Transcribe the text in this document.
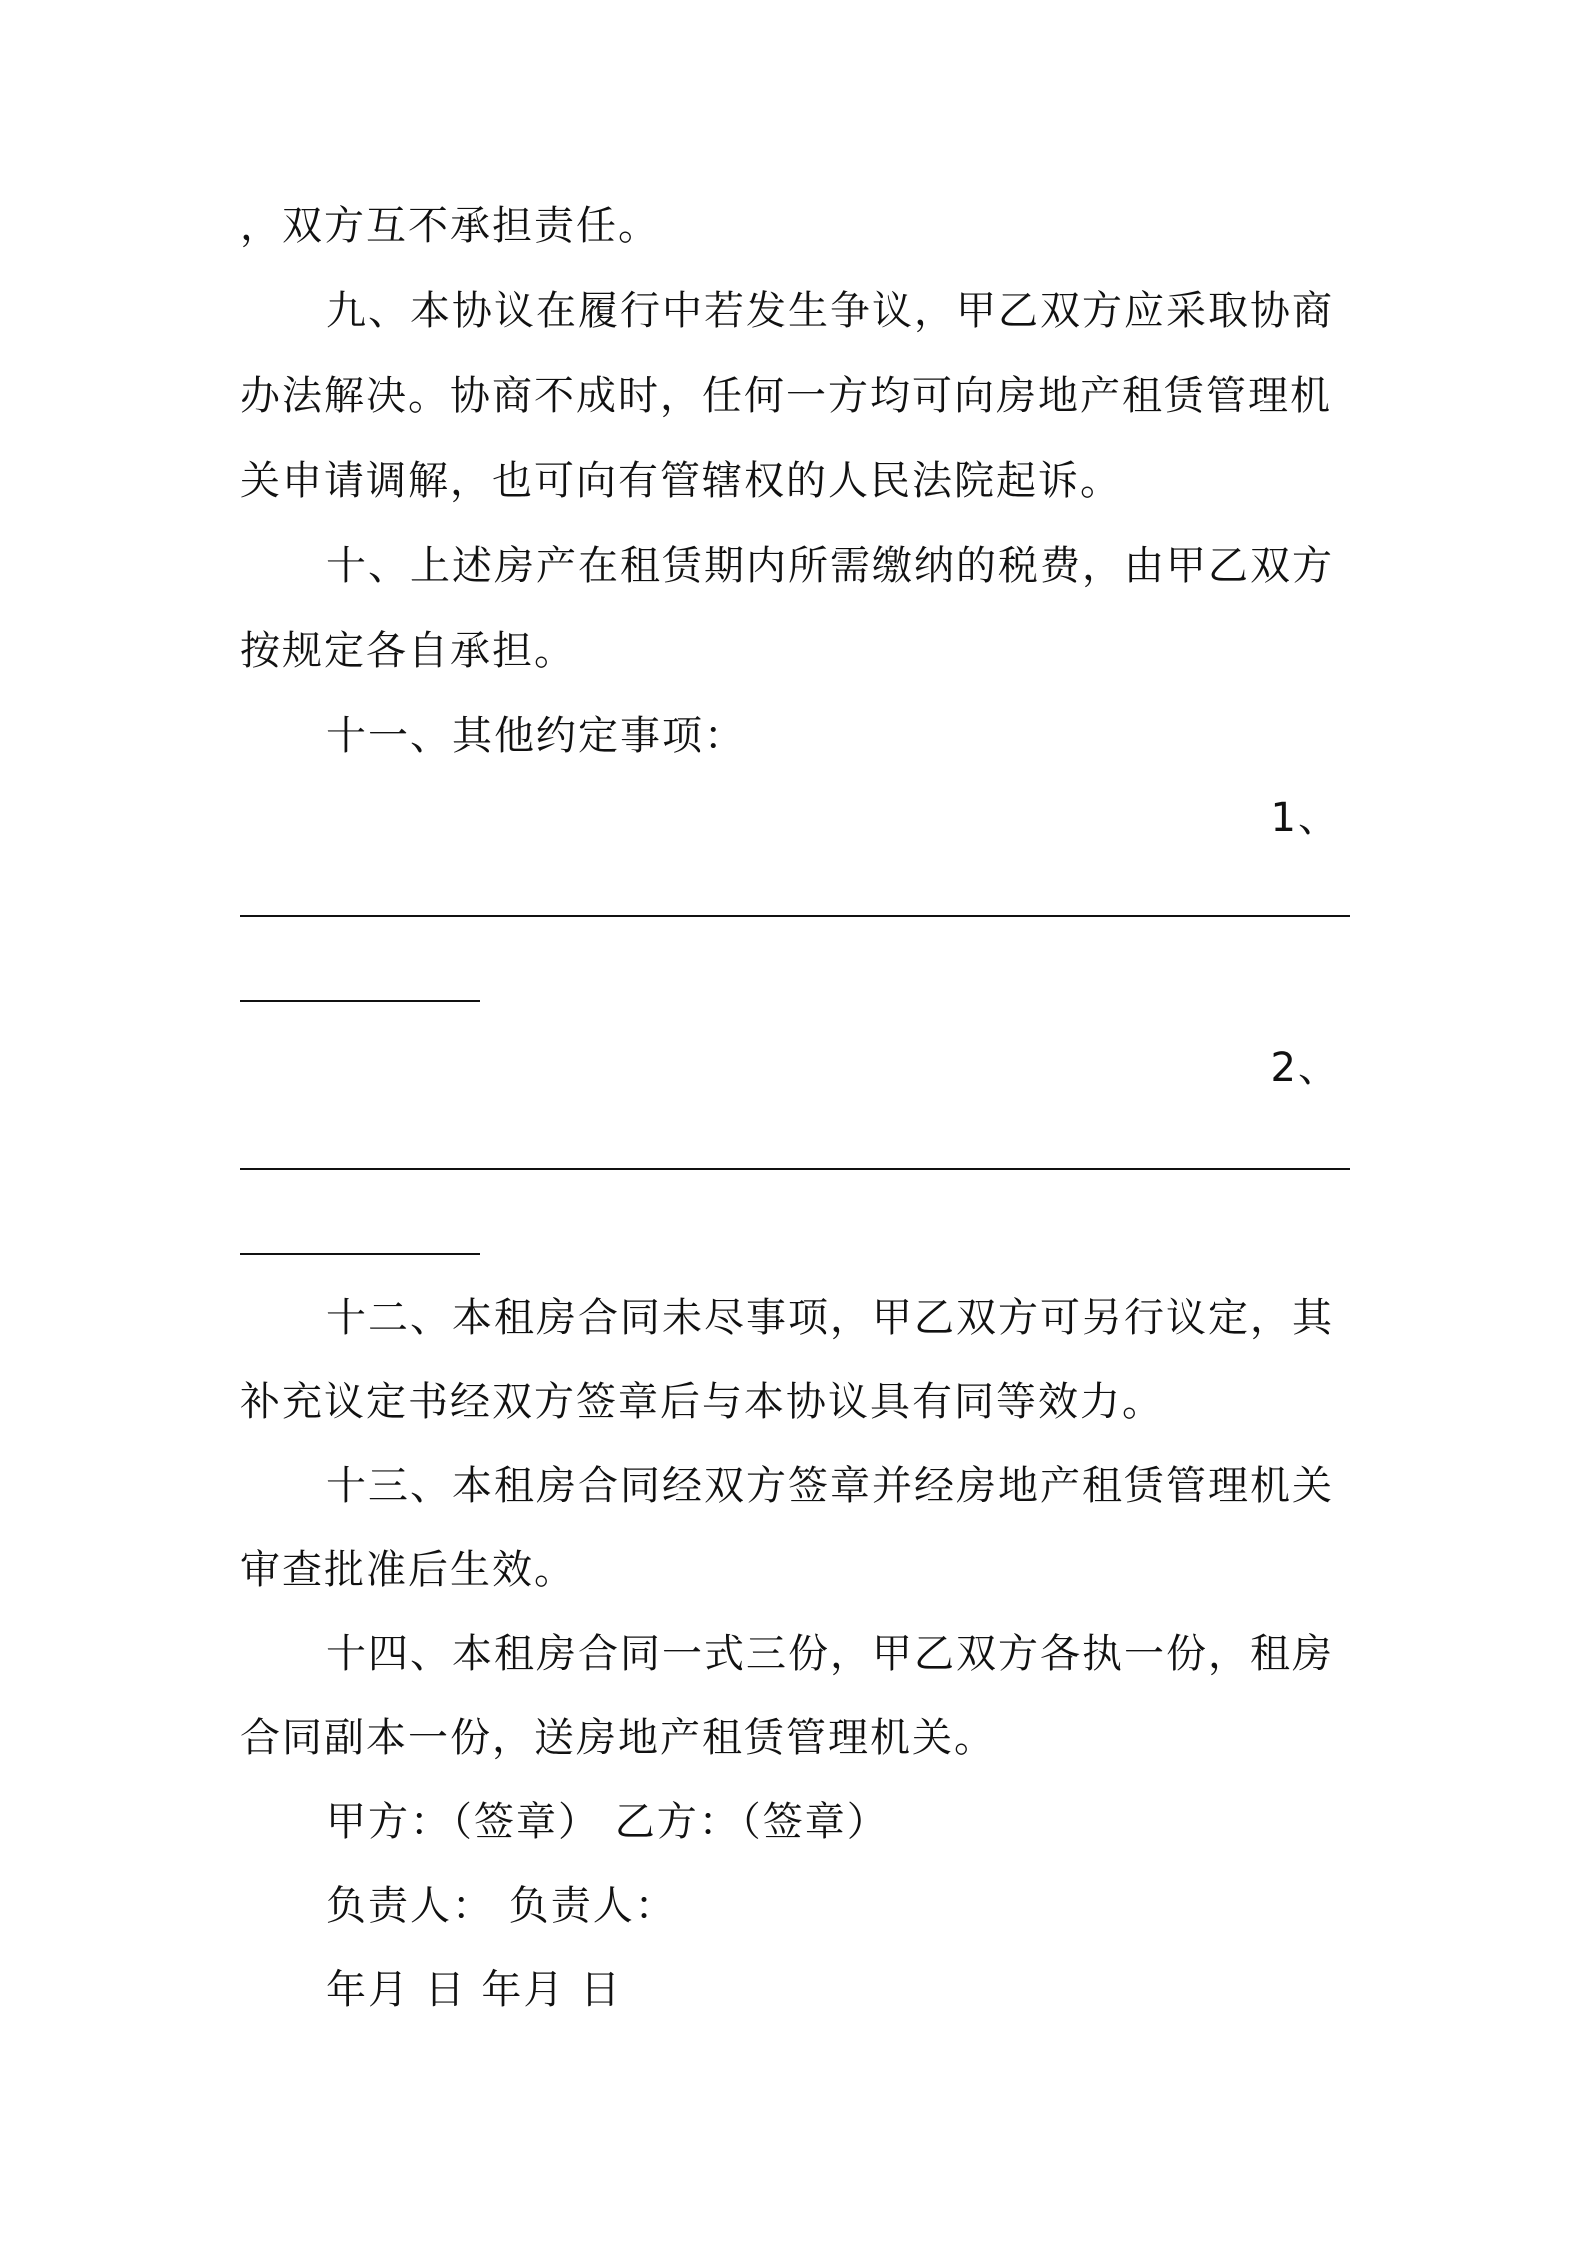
，双方互不承担责任。
九、本协议在履行中若发生争议，甲乙双方应采取协商
办法解决。协商不成时，任何一方均可向房地产租赁管理机
关申请调解，也可向有管辖权的人民法院起诉。
十、上述房产在租赁期内所需缴纳的税费，由甲乙双方
按规定各自承担。
十一、其他约定事项：
1、
2、
十二、本租房合同未尽事项，甲乙双方可另行议定，其
补充议定书经双方签章后与本协议具有同等效力。
十三、本租房合同经双方签章并经房地产租赁管理机关
审查批准后生效。
十四、本租房合同一式三份，甲乙双方各执一份，租房
合同副本一份，送房地产租赁管理机关。
甲方：（签章） 乙方：（签章）
负责人： 负责人：
年月 日 年月 日
